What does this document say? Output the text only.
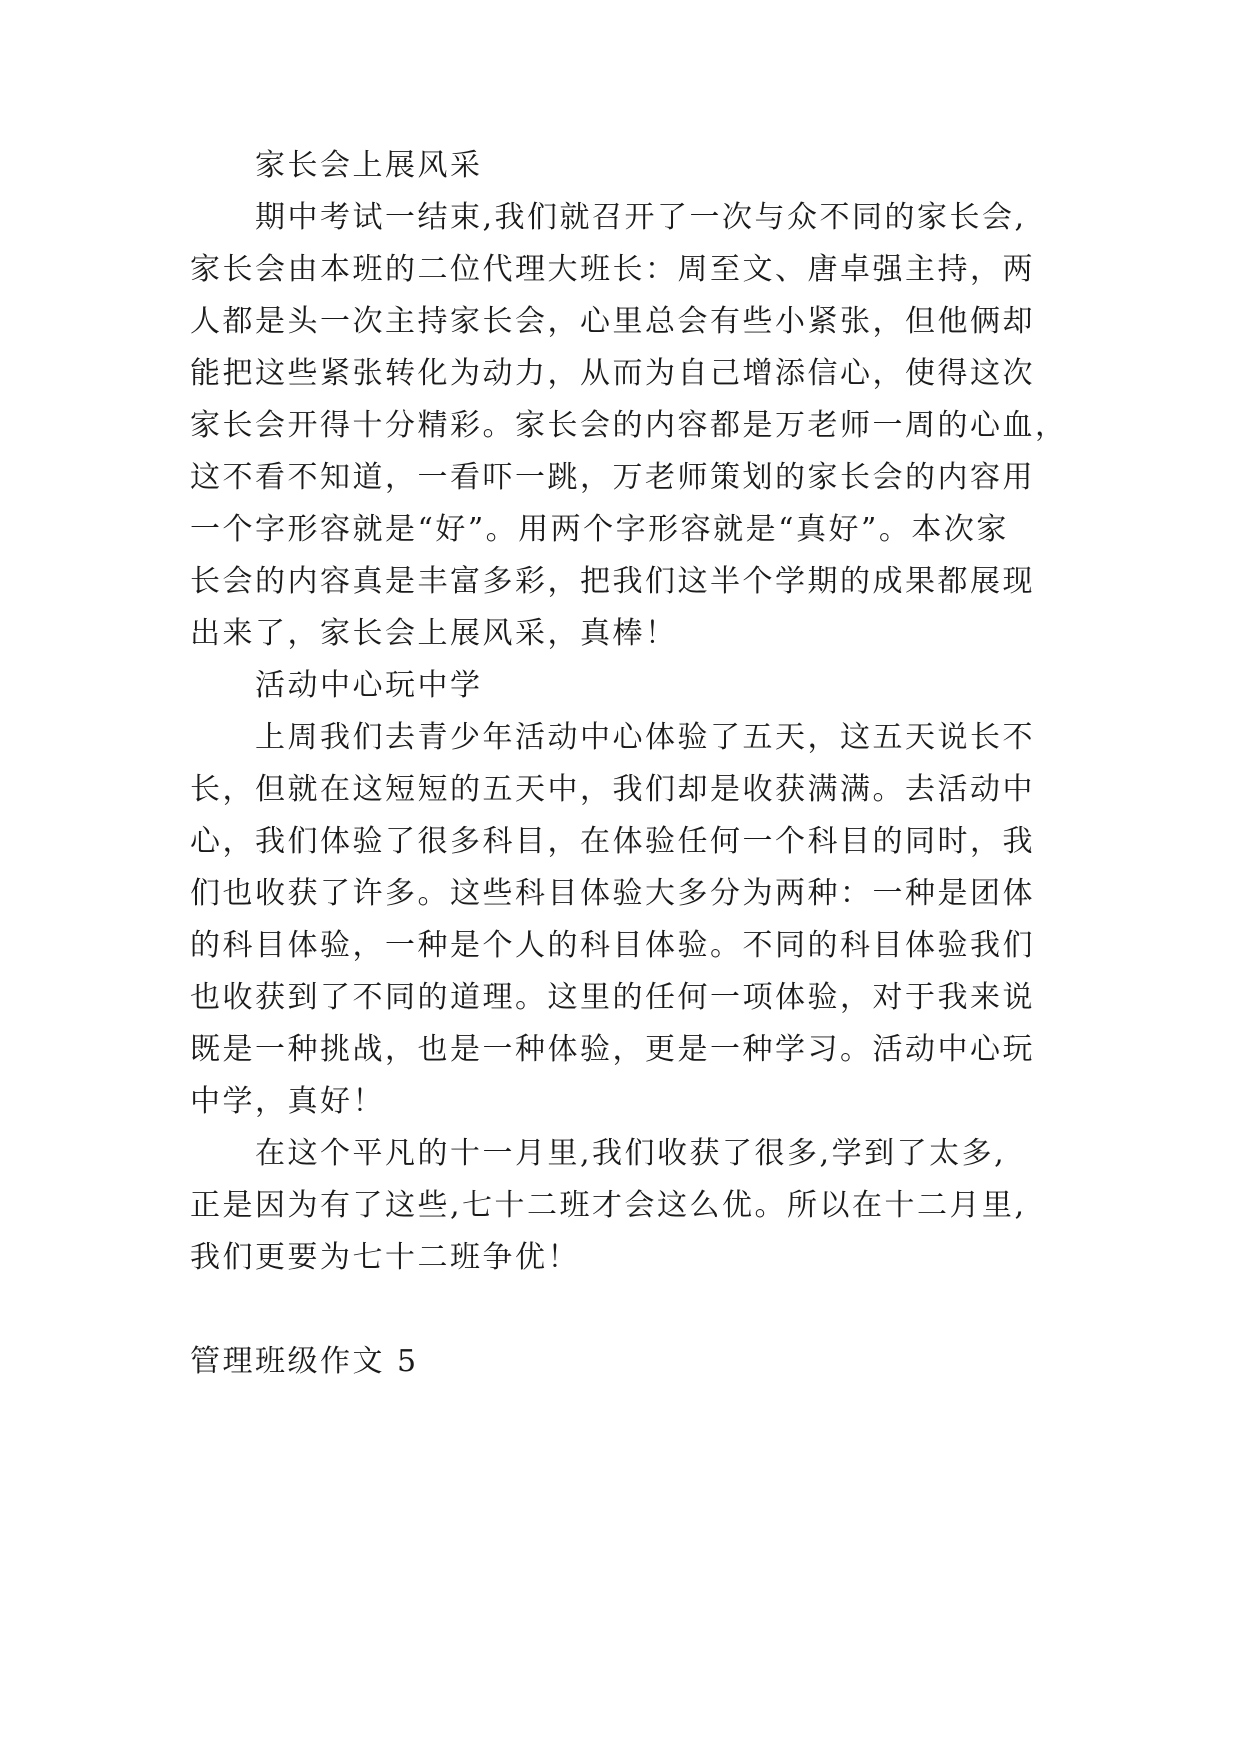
家长会上展风采
期中考试一结束,我们就召开了一次与众不同的家长会,
家长会由本班的二位代理大班长：周至文、唐卓强主持，两
人都是头一次主持家长会，心里总会有些小紧张，但他俩却
能把这些紧张转化为动力，从而为自己增添信心，使得这次
家长会开得十分精彩。家长会的内容都是万老师一周的心血，
这不看不知道，一看吓一跳，万老师策划的家长会的内容用
一个字形容就是“好”。用两个字形容就是“真好”。本次家
长会的内容真是丰富多彩，把我们这半个学期的成果都展现
出来了，家长会上展风采，真棒！
活动中心玩中学
上周我们去青少年活动中心体验了五天，这五天说长不
长，但就在这短短的五天中，我们却是收获满满。去活动中
心，我们体验了很多科目，在体验任何一个科目的同时，我
们也收获了许多。这些科目体验大多分为两种：一种是团体
的科目体验，一种是个人的科目体验。不同的科目体验我们
也收获到了不同的道理。这里的任何一项体验，对于我来说
既是一种挑战，也是一种体验，更是一种学习。活动中心玩
中学，真好！
在这个平凡的十一月里,我们收获了很多,学到了太多,
正是因为有了这些,七十二班才会这么优。所以在十二月里,
我们更要为七十二班争优！
管理班级作文 5
